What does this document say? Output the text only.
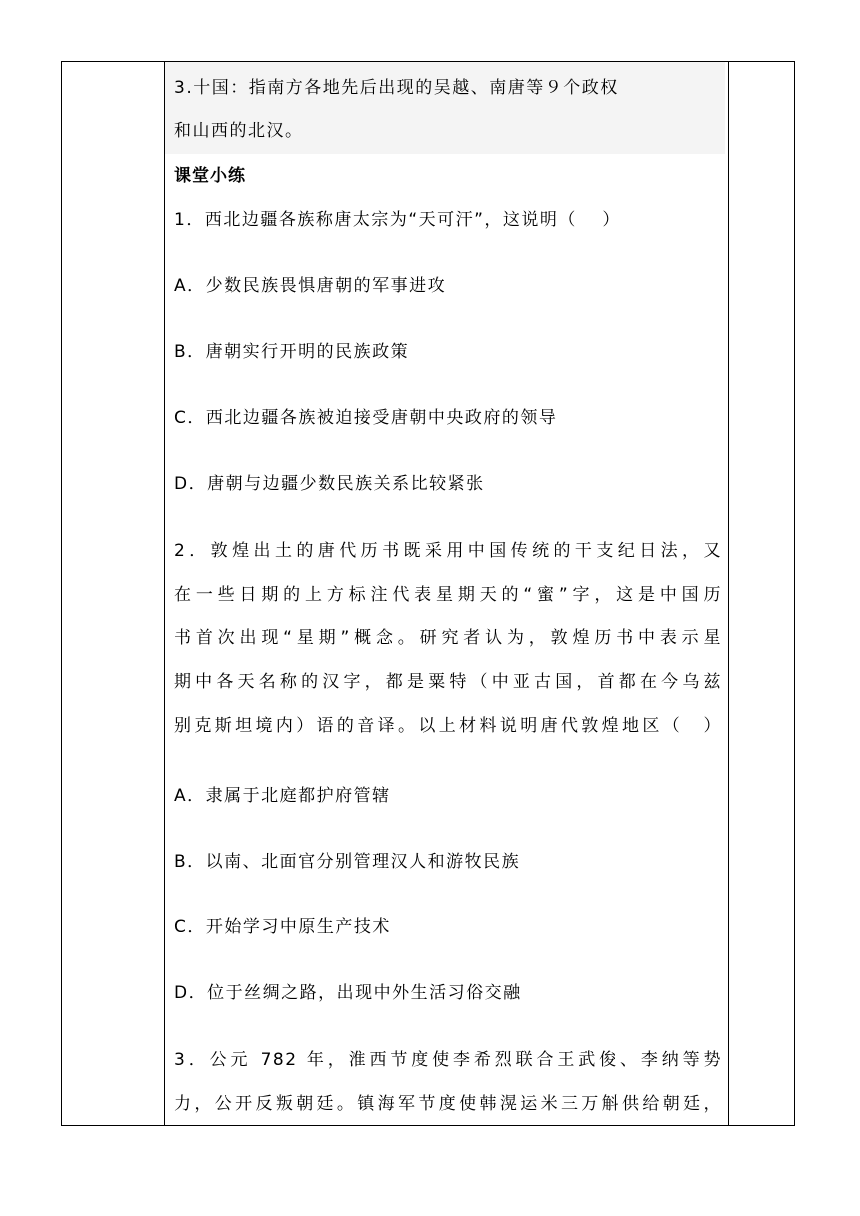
3.十国：指南方各地先后出现的吴越、南唐等９个政权
和山西的北汉。
课堂小练
1．西北边疆各族称唐太宗为“天可汗”，这说明（　 ）
A．少数民族畏惧唐朝的军事进攻
B．唐朝实行开明的民族政策
C．西北边疆各族被迫接受唐朝中央政府的领导
D．唐朝与边疆少数民族关系比较紧张
2．敦煌出土的唐代历书既采用中国传统的干支纪日法，又
在一些日期的上方标注代表星期天的“蜜”字，这是中国历
书首次出现“星期”概念。研究者认为，敦煌历书中表示星
期中各天名称的汉字，都是粟特（中亚古国，首都在今乌兹
别克斯坦境内）语的音译。以上材料说明唐代敦煌地区（　）
A．隶属于北庭都护府管辖
B．以南、北面官分别管理汉人和游牧民族
C．开始学习中原生产技术
D．位于丝绸之路，出现中外生活习俗交融
3．公元 782 年，淮西节度使李希烈联合王武俊、李纳等势
力，公开反叛朝廷。镇海军节度使韩滉运米三万斛供给朝廷，
